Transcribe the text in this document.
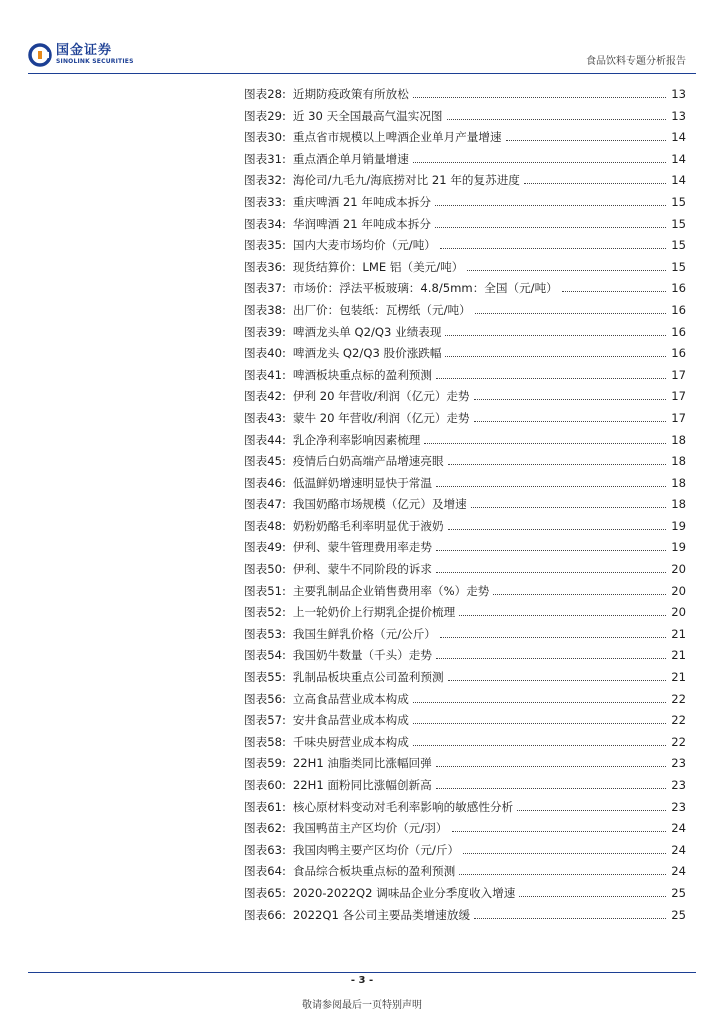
国金证券
SINOLINK SECURITIES	食品饮料专题分析报告
图表28: 近期防疫政策有所放松	13
图表29: 近 30 天全国最高气温实况图	13
图表30: 重点省市规模以上啤酒企业单月产量增速	14
图表31: 重点酒企单月销量增速	14
图表32: 海伦司/九毛九/海底捞对比 21 年的复苏进度	14
图表33: 重庆啤酒 21 年吨成本拆分	15
图表34: 华润啤酒 21 年吨成本拆分	15
图表35: 国内大麦市场均价（元/吨）	15
图表36: 现货结算价：LME 铝（美元/吨）	15
图表37: 市场价：浮法平板玻璃：4.8/5mm：全国（元/吨）	16
图表38: 出厂价：包装纸：瓦楞纸（元/吨）	16
图表39: 啤酒龙头单 Q2/Q3 业绩表现	16
图表40: 啤酒龙头 Q2/Q3 股价涨跌幅	16
图表41: 啤酒板块重点标的盈利预测	17
图表42: 伊利 20 年营收/利润（亿元）走势	17
图表43: 蒙牛 20 年营收/利润（亿元）走势	17
图表44: 乳企净利率影响因素梳理	18
图表45: 疫情后白奶高端产品增速亮眼	18
图表46: 低温鲜奶增速明显快于常温	18
图表47: 我国奶酪市场规模（亿元）及增速	18
图表48: 奶粉奶酪毛利率明显优于液奶	19
图表49: 伊利、蒙牛管理费用率走势	19
图表50: 伊利、蒙牛不同阶段的诉求	20
图表51: 主要乳制品企业销售费用率（%）走势	20
图表52: 上一轮奶价上行期乳企提价梳理	20
图表53: 我国生鲜乳价格（元/公斤）	21
图表54: 我国奶牛数量（千头）走势	21
图表55: 乳制品板块重点公司盈利预测	21
图表56: 立高食品营业成本构成	22
图表57: 安井食品营业成本构成	22
图表58: 千味央厨营业成本构成	22
图表59: 22H1 油脂类同比涨幅回弹	23
图表60: 22H1 面粉同比涨幅创新高	23
图表61: 核心原材料变动对毛利率影响的敏感性分析	23
图表62: 我国鸭苗主产区均价（元/羽）	24
图表63: 我国肉鸭主要产区均价（元/斤）	24
图表64: 食品综合板块重点标的盈利预测	24
图表65: 2020-2022Q2 调味品企业分季度收入增速	25
图表66: 2022Q1 各公司主要品类增速放缓	25
- 3 -
敬请参阅最后一页特别声明
